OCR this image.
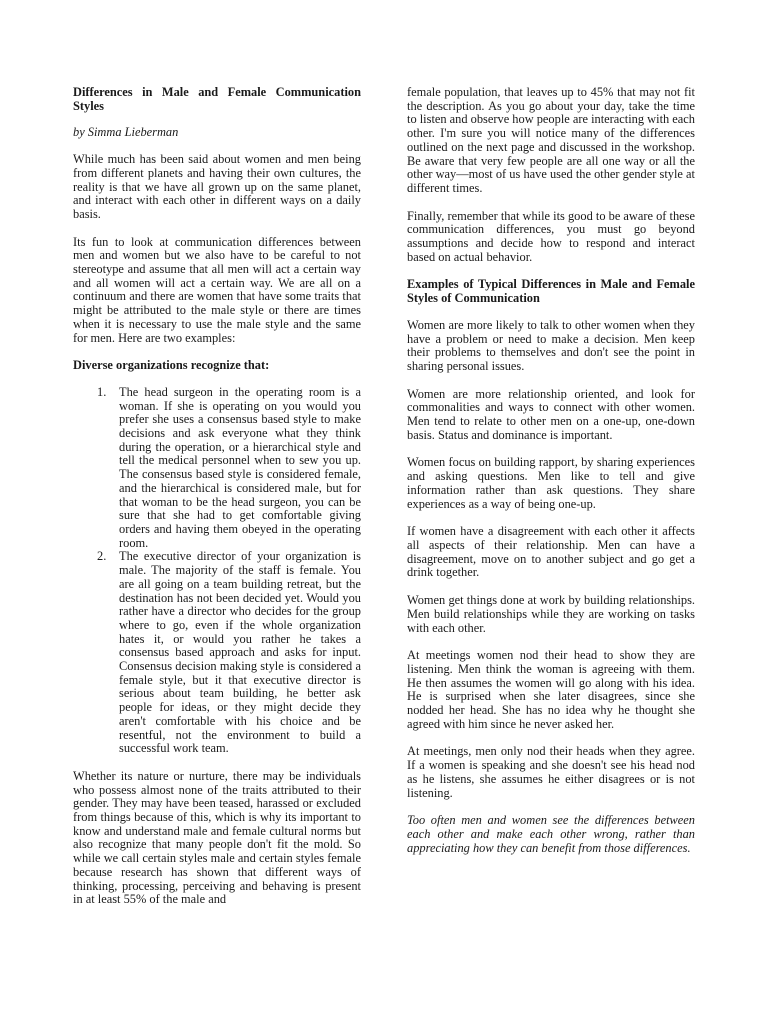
Differences in Male and Female Communication Styles

by Simma Lieberman

While much has been said about women and men being from different planets and having their own cultures, the reality is that we have all grown up on the same planet, and interact with each other in different ways on a daily basis.

Its fun to look at communication differences between men and women but we also have to be careful to not stereotype and assume that all men will act a certain way and all women will act a certain way. We are all on a continuum and there are women that have some traits that might be attributed to the male style or there are times when it is necessary to use the male style and the same for men. Here are two examples:

Diverse organizations recognize that:

1. The head surgeon in the operating room is a woman. If she is operating on you would you prefer she uses a consensus based style to make decisions and ask everyone what they think during the operation, or a hierarchical style and tell the medical personnel when to sew you up. The consensus based style is considered female, and the hierarchical is considered male, but for that woman to be the head surgeon, you can be sure that she had to get comfortable giving orders and having them obeyed in the operating room.
2. The executive director of your organization is male. The majority of the staff is female. You are all going on a team building retreat, but the destination has not been decided yet. Would you rather have a director who decides for the group where to go, even if the whole organization hates it, or would you rather he takes a consensus based approach and asks for input. Consensus decision making style is considered a female style, but it that executive director is serious about team building, he better ask people for ideas, or they might decide they aren't comfortable with his choice and be resentful, not the environment to build a successful work team.

Whether its nature or nurture, there may be individuals who possess almost none of the traits attributed to their gender. They may have been teased, harassed or excluded from things because of this, which is why its important to know and understand male and female cultural norms but also recognize that many people don't fit the mold. So while we call certain styles male and certain styles female because research has shown that different ways of thinking, processing, perceiving and behaving is present in at least 55% of the male and

female population, that leaves up to 45% that may not fit the description. As you go about your day, take the time to listen and observe how people are interacting with each other. I'm sure you will notice many of the differences outlined on the next page and discussed in the workshop. Be aware that very few people are all one way or all the other way—most of us have used the other gender style at different times.

Finally, remember that while its good to be aware of these communication differences, you must go beyond assumptions and decide how to respond and interact based on actual behavior.

Examples of Typical Differences in Male and Female Styles of Communication

Women are more likely to talk to other women when they have a problem or need to make a decision. Men keep their problems to themselves and don't see the point in sharing personal issues.

Women are more relationship oriented, and look for commonalities and ways to connect with other women. Men tend to relate to other men on a one-up, one-down basis. Status and dominance is important.

Women focus on building rapport, by sharing experiences and asking questions. Men like to tell and give information rather than ask questions. They share experiences as a way of being one-up.

If women have a disagreement with each other it affects all aspects of their relationship. Men can have a disagreement, move on to another subject and go get a drink together.

Women get things done at work by building relationships. Men build relationships while they are working on tasks with each other.

At meetings women nod their head to show they are listening. Men think the woman is agreeing with them. He then assumes the women will go along with his idea. He is surprised when she later disagrees, since she nodded her head. She has no idea why he thought she agreed with him since he never asked her.

At meetings, men only nod their heads when they agree. If a women is speaking and she doesn't see his head nod as he listens, she assumes he either disagrees or is not listening.

Too often men and women see the differences between each other and make each other wrong, rather than appreciating how they can benefit from those differences.
